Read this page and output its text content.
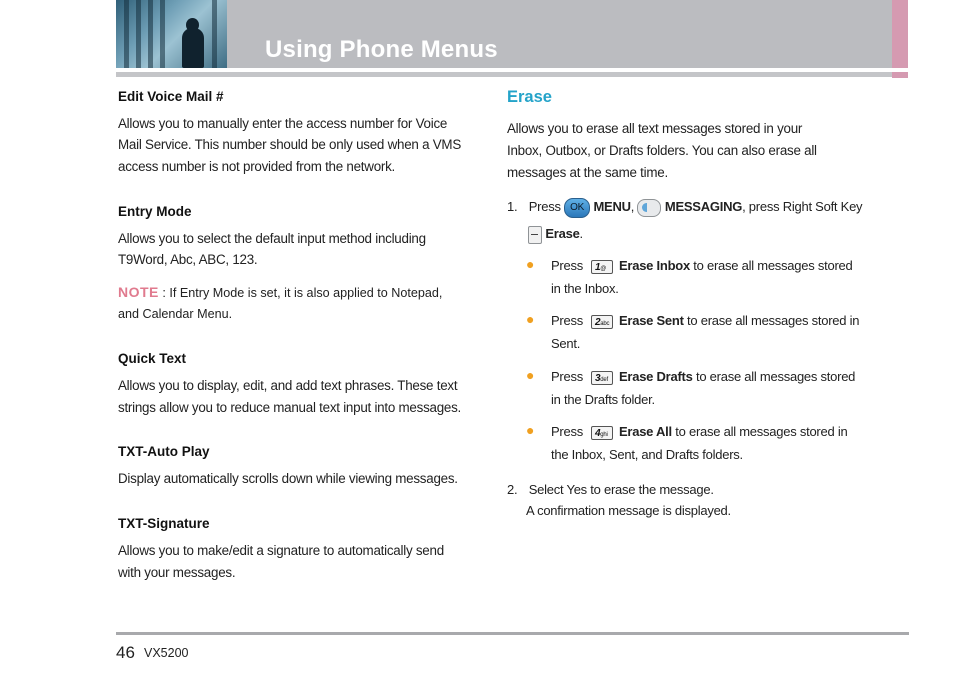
Using Phone Menus
Edit Voice Mail #
Allows you to manually enter the access number for Voice
Mail Service. This number should be only used when a VMS
access number is not provided from the network.
Entry Mode
Allows you to select the default input method including
T9Word, Abc, ABC, 123.
NOTE : If Entry Mode is set, it is also applied to Notepad,
and Calendar Menu.
Quick Text
Allows you to display, edit, and add text phrases. These text
strings allow you to reduce manual text input into messages.
TXT-Auto Play
Display automatically scrolls down while viewing messages.
TXT-Signature
Allows you to make/edit a signature to automatically send
with your messages.
Erase
Allows you to erase all text messages stored in your
Inbox, Outbox, or Drafts folders. You can also erase all
messages at the same time.
1. Press OK MENU, MESSAGING, press Right Soft Key
Erase.
● Press 1@ Erase Inbox to erase all messages stored
in the Inbox.
● Press 2abc Erase Sent to erase all messages stored in
Sent.
● Press 3def Erase Drafts to erase all messages stored
in the Drafts folder.
● Press 4ghi Erase All to erase all messages stored in
the Inbox, Sent, and Drafts folders.
2. Select Yes to erase the message.
A confirmation message is displayed.
46 VX5200
